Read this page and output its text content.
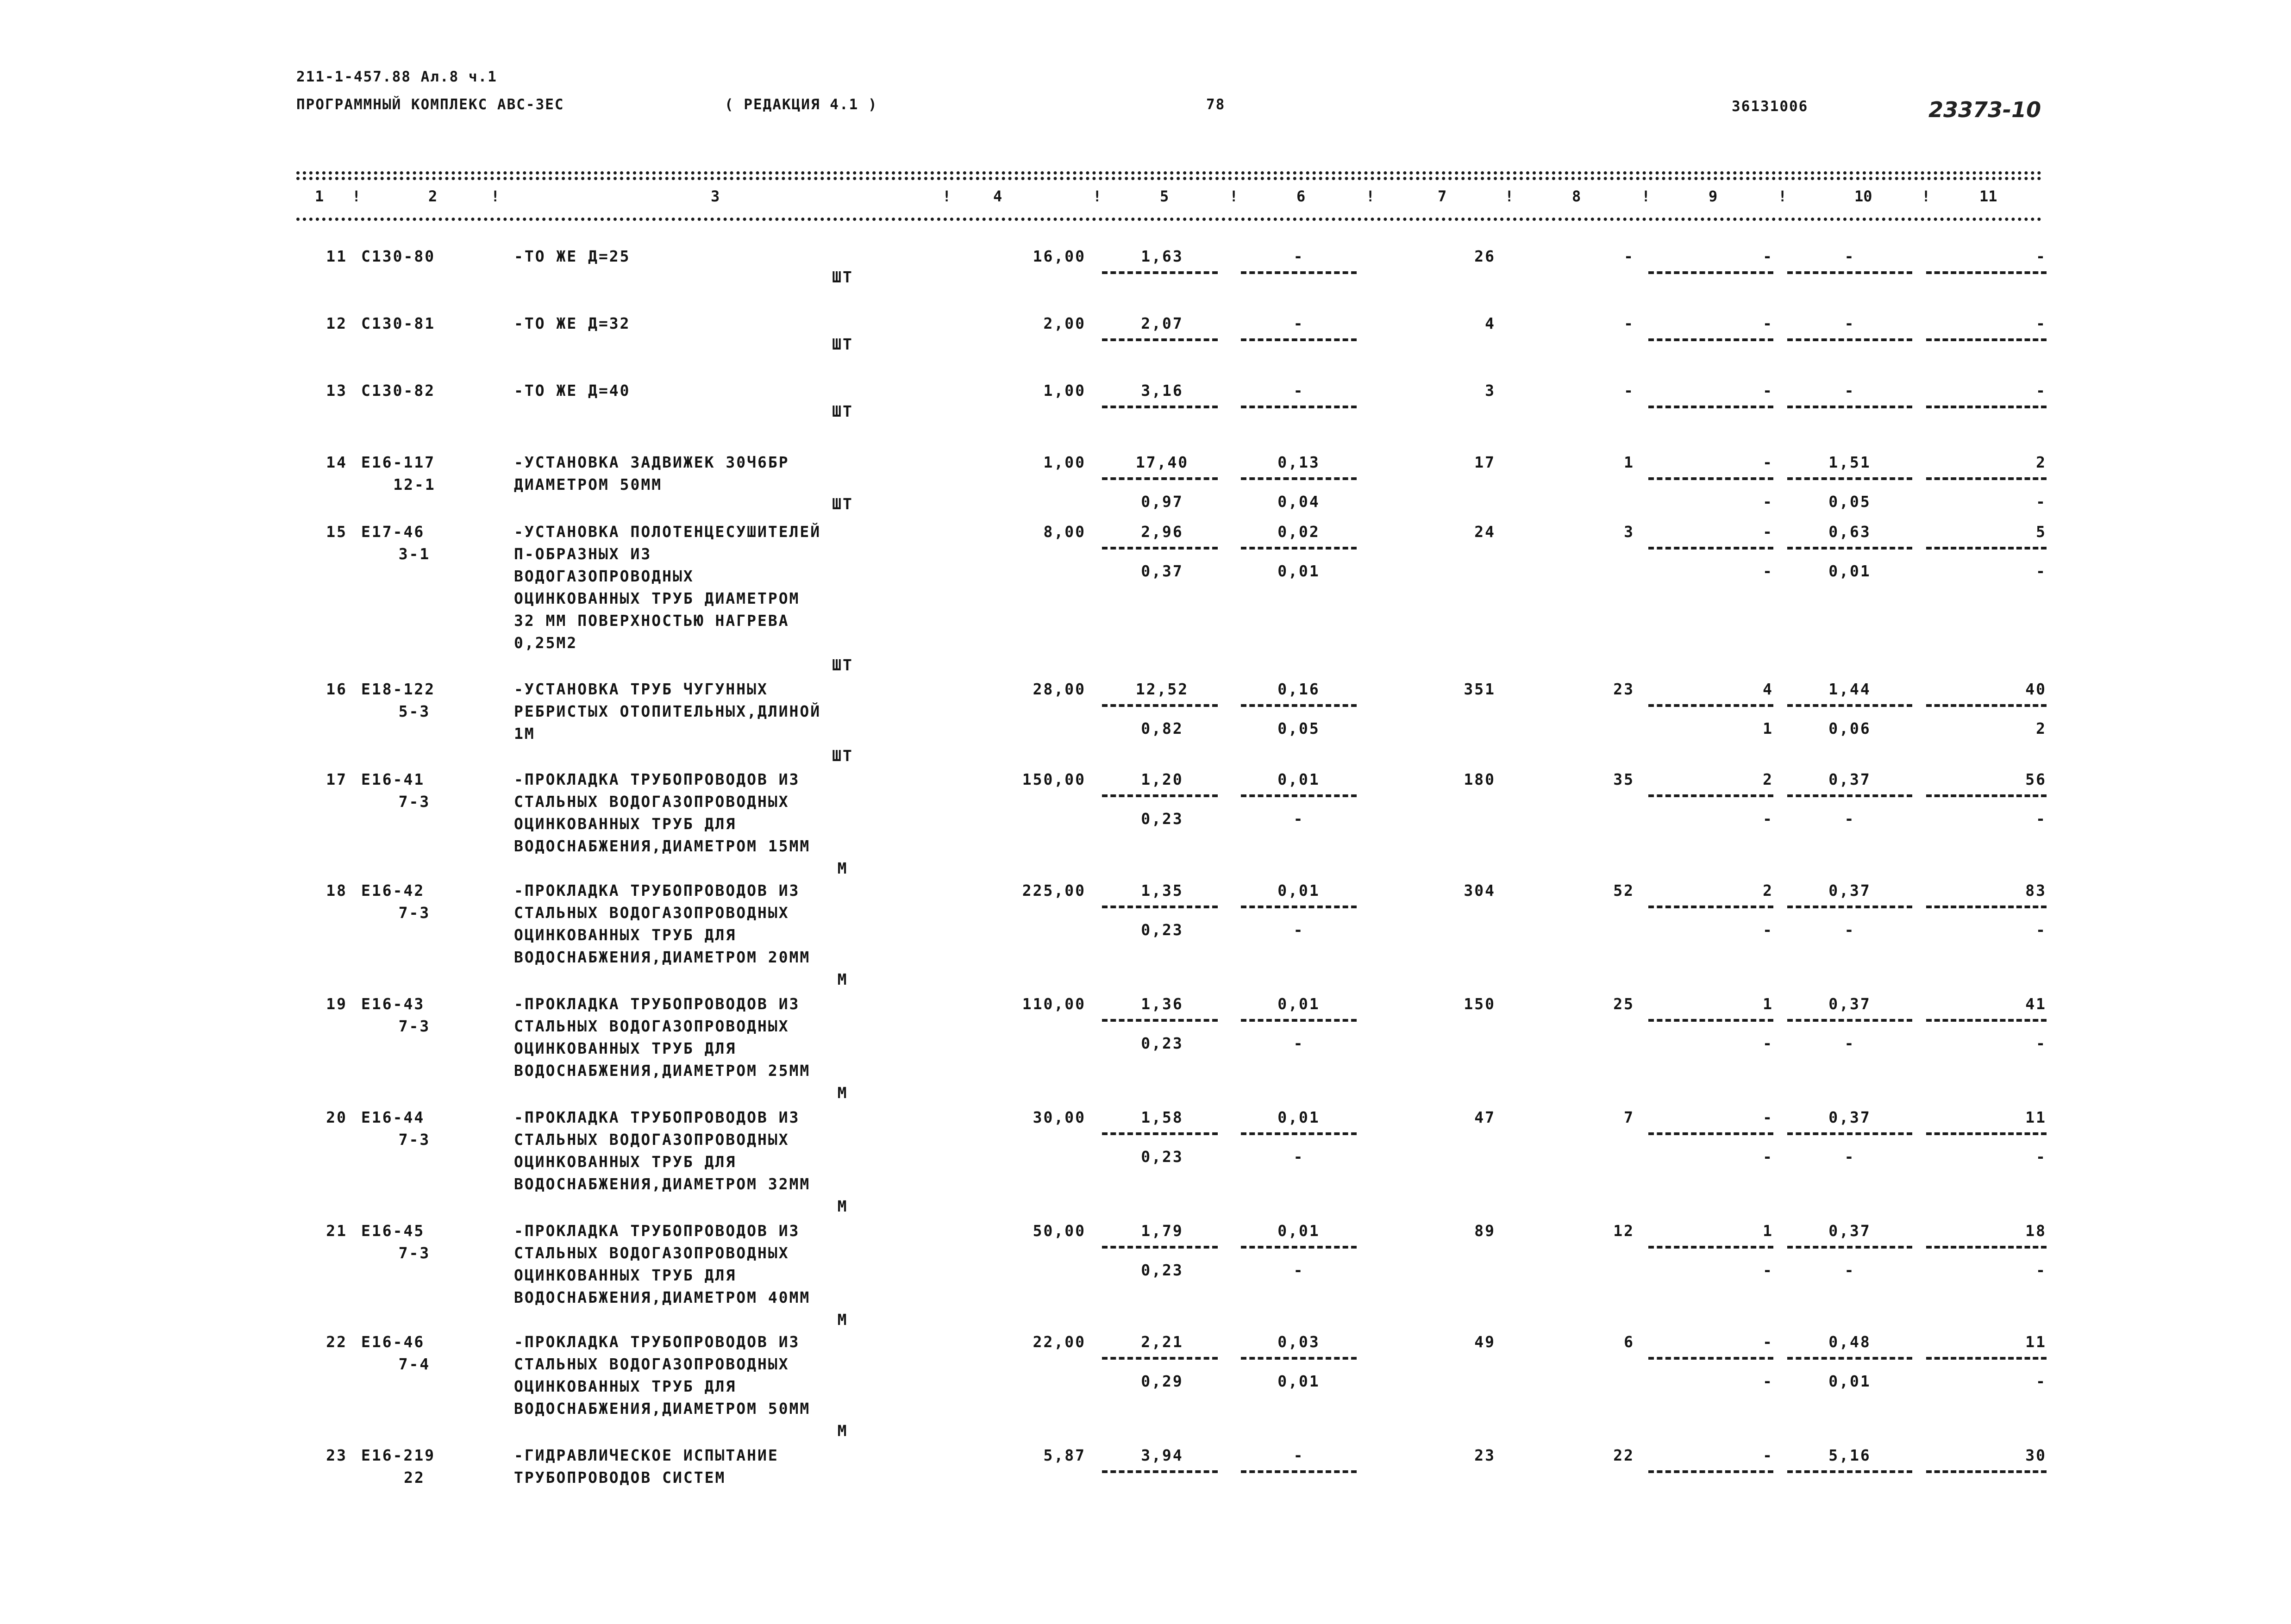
211-1-457.88 Ал.8 ч.1
ПРОГРАММНЫЙ КОМПЛЕКС АВС-ЗЕС	( РЕДАКЦИЯ 4.1 )	78	36131006	23373-10
1	2	3	4	5	6	7	8	9	10	11
!	!	!	!	!	!	!	!	!	!
11 С130-80	-ТО ЖЕ Д=25
ШТ
16,00	1,63	-	26	-	-	-	-
12 С130-81	-ТО ЖЕ Д=32
ШТ
2,00	2,07	-	4	-	-	-	-
13 С130-82	-ТО ЖЕ Д=40
ШТ
1,00	3,16	-	3	-	-	-	-
14 Е16-117
12-1
-УСТАНОВКА ЗАДВИЖЕК 30Ч6БР
ДИАМЕТРОМ 50ММ
ШТ
1,00	17,40	0,13	17	1	-	1,51	2
0,97	0,04	-	0,05	-
15 Е17-46
3-1
-УСТАНОВКА ПОЛОТЕНЦЕСУШИТЕЛЕЙ
П-ОБРАЗНЫХ ИЗ
ВОДОГАЗОПРОВОДНЫХ
ОЦИНКОВАННЫХ ТРУБ ДИАМЕТРОМ
32 ММ ПОВЕРХНОСТЬЮ НАГРЕВА
0,25М2
ШТ
8,00	2,96	0,02	24	3	-	0,63	5
0,37	0,01	-	0,01	-
16 Е18-122
5-3
-УСТАНОВКА ТРУБ ЧУГУННЫХ
РЕБРИСТЫХ ОТОПИТЕЛЬНЫХ,ДЛИНОЙ
1М
ШТ
28,00	12,52	0,16	351	23	4	1,44	40
0,82	0,05	1	0,06	2
17 Е16-41
7-3
-ПРОКЛАДКА ТРУБОПРОВОДОВ ИЗ
СТАЛЬНЫХ ВОДОГАЗОПРОВОДНЫХ
ОЦИНКОВАННЫХ ТРУБ ДЛЯ
ВОДОСНАБЖЕНИЯ,ДИАМЕТРОМ 15ММ
М
150,00	1,20	0,01	180	35	2	0,37	56
0,23	-	-	-	-
18 Е16-42
7-3
-ПРОКЛАДКА ТРУБОПРОВОДОВ ИЗ
СТАЛЬНЫХ ВОДОГАЗОПРОВОДНЫХ
ОЦИНКОВАННЫХ ТРУБ ДЛЯ
ВОДОСНАБЖЕНИЯ,ДИАМЕТРОМ 20ММ
М
225,00	1,35	0,01	304	52	2	0,37	83
0,23	-	-	-	-
19 Е16-43
7-3
-ПРОКЛАДКА ТРУБОПРОВОДОВ ИЗ
СТАЛЬНЫХ ВОДОГАЗОПРОВОДНЫХ
ОЦИНКОВАННЫХ ТРУБ ДЛЯ
ВОДОСНАБЖЕНИЯ,ДИАМЕТРОМ 25ММ
М
110,00	1,36	0,01	150	25	1	0,37	41
0,23	-	-	-	-
20 Е16-44
7-3
-ПРОКЛАДКА ТРУБОПРОВОДОВ ИЗ
СТАЛЬНЫХ ВОДОГАЗОПРОВОДНЫХ
ОЦИНКОВАННЫХ ТРУБ ДЛЯ
ВОДОСНАБЖЕНИЯ,ДИАМЕТРОМ 32ММ
М
30,00	1,58	0,01	47	7	-	0,37	11
0,23	-	-	-	-
21 Е16-45
7-3
-ПРОКЛАДКА ТРУБОПРОВОДОВ ИЗ
СТАЛЬНЫХ ВОДОГАЗОПРОВОДНЫХ
ОЦИНКОВАННЫХ ТРУБ ДЛЯ
ВОДОСНАБЖЕНИЯ,ДИАМЕТРОМ 40ММ
М
50,00	1,79	0,01	89	12	1	0,37	18
0,23	-	-	-	-
22 Е16-46
7-4
-ПРОКЛАДКА ТРУБОПРОВОДОВ ИЗ
СТАЛЬНЫХ ВОДОГАЗОПРОВОДНЫХ
ОЦИНКОВАННЫХ ТРУБ ДЛЯ
ВОДОСНАБЖЕНИЯ,ДИАМЕТРОМ 50ММ
М
22,00	2,21	0,03	49	6	-	0,48	11
0,29	0,01	-	0,01	-
23 Е16-219
22
-ГИДРАВЛИЧЕСКОЕ ИСПЫТАНИЕ
ТРУБОПРОВОДОВ СИСТЕМ
5,87	3,94	-	23	22	-	5,16	30
